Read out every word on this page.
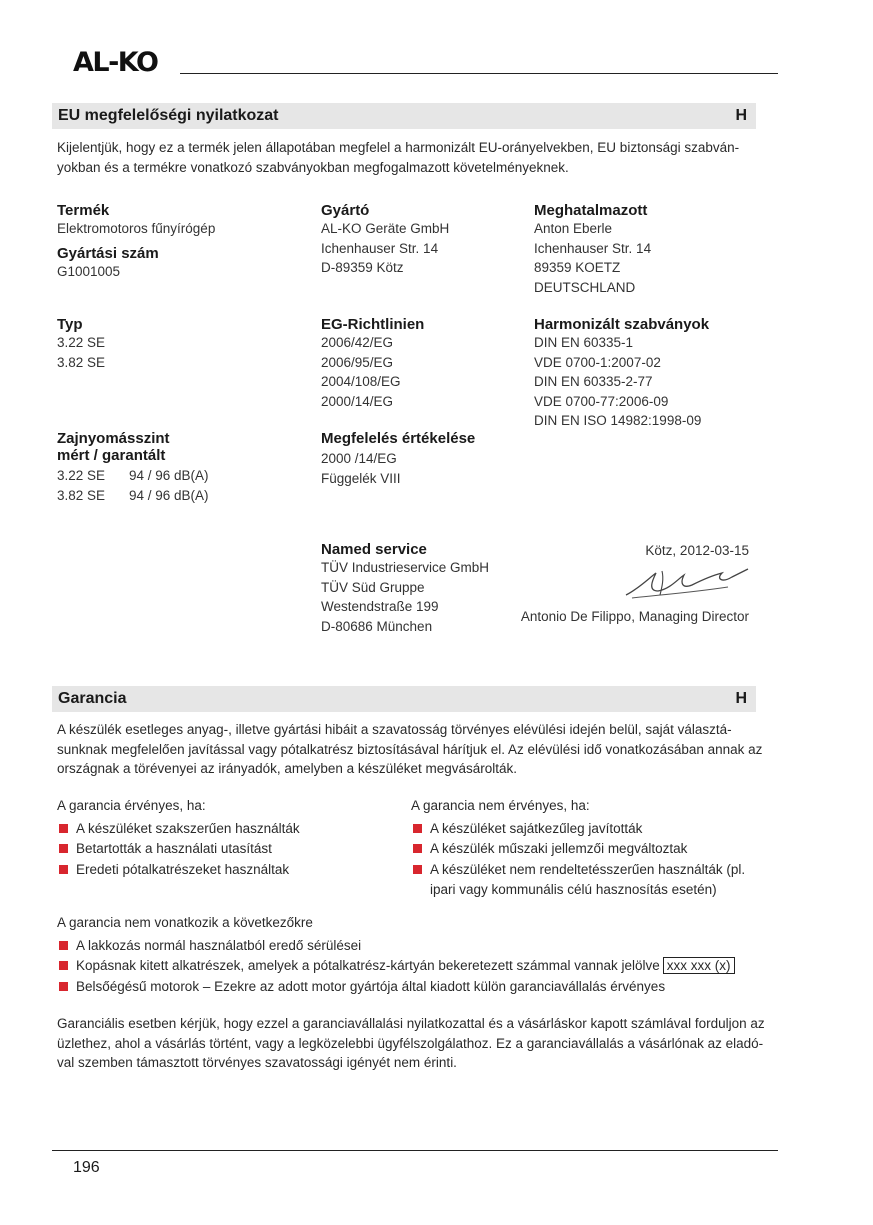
AL-KO
EU megfelelőségi nyilatkozat	H
Kijelentjük, hogy ez a termék jelen állapotában megfelel a harmonizált EU-orányelvekben, EU biztonsági szabván-
yokban és a termékre vonatkozó szabványokban megfogalmazott követelményeknek.
Termék
Elektromotoros fűnyírógép
Gyártási szám
G1001005
Typ
3.22 SE
3.82 SE
Zajnyomásszint
mért / garantált
3.22 SE 94 / 96 dB(A)
3.82 SE 94 / 96 dB(A)
Gyártó
AL-KO Geräte GmbH
Ichenhauser Str. 14
D-89359 Kötz
EG-Richtlinien
2006/42/EG
2006/95/EG
2004/108/EG
2000/14/EG
Megfelelés értékelése
2000 /14/EG
Függelék VIII
Named service
TÜV Industrieservice GmbH
TÜV Süd Gruppe
Westendstraße 199
D-80686 München
Meghatalmazott
Anton Eberle
Ichenhauser Str. 14
89359 KOETZ
DEUTSCHLAND
Harmonizált szabványok
DIN EN 60335-1
VDE 0700-1:2007-02
DIN EN 60335-2-77
VDE 0700-77:2006-09
DIN EN ISO 14982:1998-09
Kötz, 2012-03-15
Antonio De Filippo, Managing Director
Garancia	H
A készülék esetleges anyag-, illetve gyártási hibáit a szavatosság törvényes elévülési idején belül, saját választá-
sunknak megfelelően javítással vagy pótalkatrész biztosításával hárítjuk el. Az elévülési idő vonatkozásában annak az
országnak a törévenyei az irányadók, amelyben a készüléket megvásárolták.
A garancia érvényes, ha:
A készüléket szakszerűen használták
Betartották a használati utasítást
Eredeti pótalkatrészeket használtak
A garancia nem érvényes, ha:
A készüléket sajátkezűleg javították
A készülék műszaki jellemzői megváltoztak
A készüléket nem rendeltetésszerűen használták (pl.
ipari vagy kommunális célú hasznosítás esetén)
A garancia nem vonatkozik a következőkre
A lakkozás normál használatból eredő sérülései
Kopásnak kitett alkatrészek, amelyek a pótalkatrész-kártyán bekeretezett számmal vannak jelölve xxx xxx (x)
Belsőégésű motorok – Ezekre az adott motor gyártója által kiadott külön garanciavállalás érvényes
Garanciális esetben kérjük, hogy ezzel a garanciavállalási nyilatkozattal és a vásárláskor kapott számlával forduljon az
üzlethez, ahol a vásárlás történt, vagy a legközelebbi ügyfélszolgálathoz. Ez a garanciavállalás a vásárlónak az eladó-
val szemben támasztott törvényes szavatossági igényét nem érinti.
196
